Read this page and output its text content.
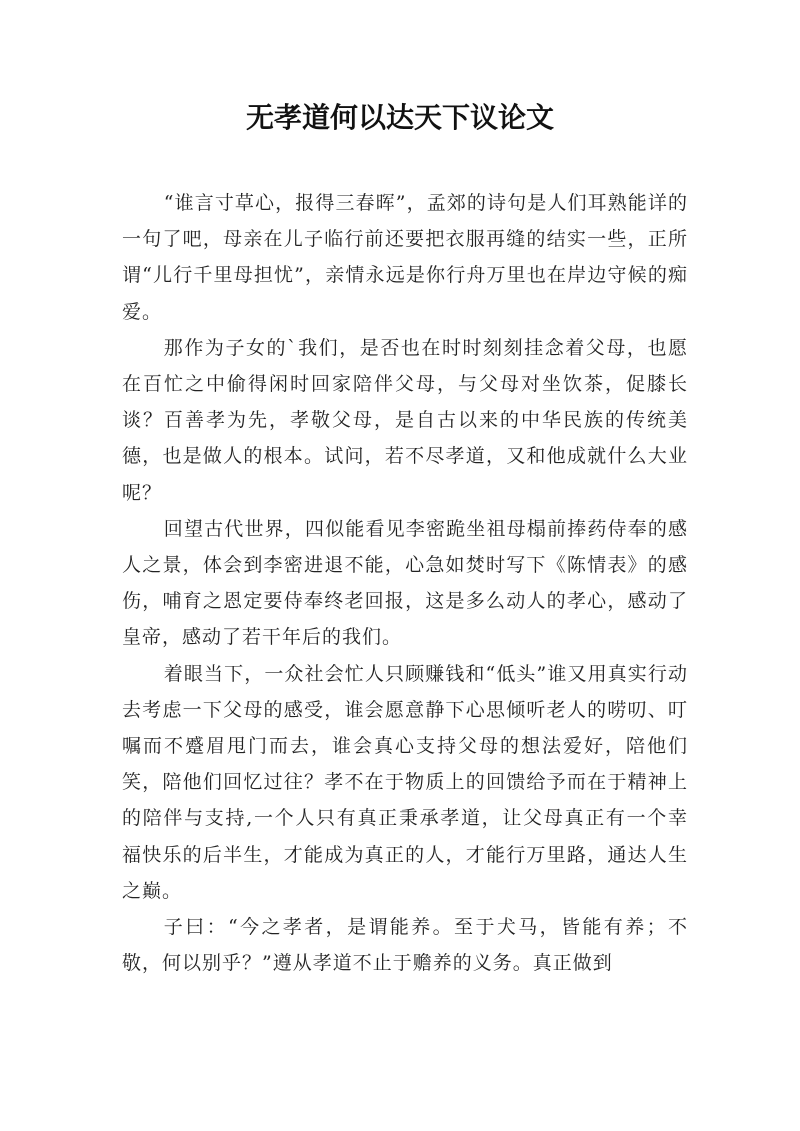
无孝道何以达天下议论文

“谁言寸草心，报得三春晖”，孟郊的诗句是人们耳熟能详的一句了吧，母亲在儿子临行前还要把衣服再缝的结实一些，正所谓“儿行千里母担忧”，亲情永远是你行舟万里也在岸边守候的痴爱。

那作为子女的`我们，是否也在时时刻刻挂念着父母，也愿在百忙之中偷得闲时回家陪伴父母，与父母对坐饮茶，促膝长谈？百善孝为先，孝敬父母，是自古以来的中华民族的传统美德，也是做人的根本。试问，若不尽孝道，又和他成就什么大业呢？

回望古代世界，四似能看见李密跪坐祖母榻前捧药侍奉的感人之景，体会到李密进退不能，心急如焚时写下《陈情表》的感伤，哺育之恩定要侍奉终老回报，这是多么动人的孝心，感动了皇帝，感动了若干年后的我们。

着眼当下，一众社会忙人只顾赚钱和“低头”谁又用真实行动去考虑一下父母的感受，谁会愿意静下心思倾听老人的唠叨、叮嘱而不蹙眉甩门而去，谁会真心支持父母的想法爱好，陪他们笑，陪他们回忆过往？孝不在于物质上的回馈给予而在于精神上的陪伴与支持,一个人只有真正秉承孝道，让父母真正有一个幸福快乐的后半生，才能成为真正的人，才能行万里路，通达人生之巅。

子曰：“今之孝者，是谓能养。至于犬马，皆能有养；不敬，何以别乎？”遵从孝道不止于赡养的义务。真正做到
